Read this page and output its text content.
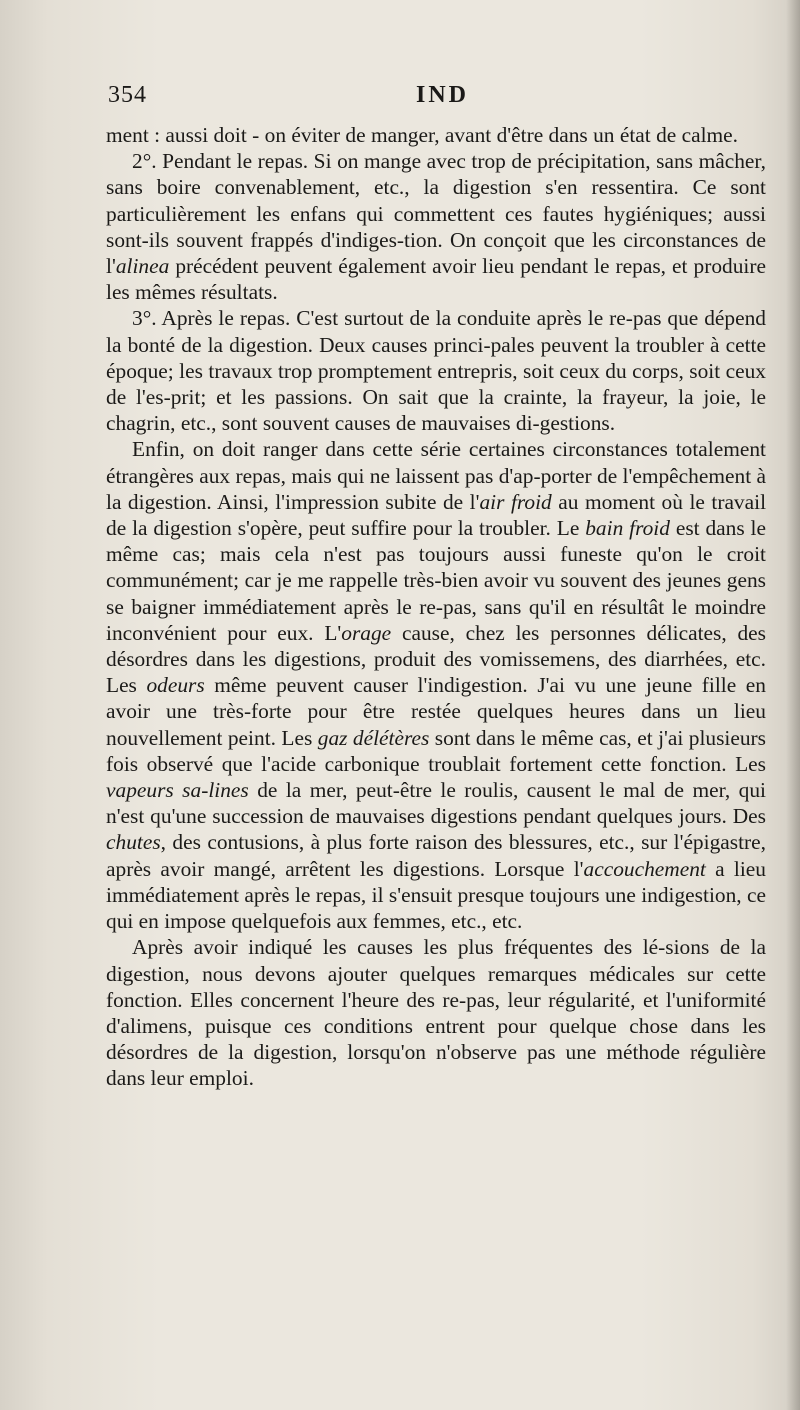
354	IND

ment : aussi doit - on éviter de manger, avant d'être dans un état de calme.

2°. Pendant le repas. Si on mange avec trop de précipitation, sans mâcher, sans boire convenablement, etc., la digestion s'en ressentira. Ce sont particulièrement les enfans qui commettent ces fautes hygiéniques; aussi sont-ils souvent frappés d'indiges-tion. On conçoit que les circonstances de l'alinea précédent peuvent également avoir lieu pendant le repas, et produire les mêmes résultats.

3°. Après le repas. C'est surtout de la conduite après le re-pas que dépend la bonté de la digestion. Deux causes princi-pales peuvent la troubler à cette époque; les travaux trop promptement entrepris, soit ceux du corps, soit ceux de l'es-prit; et les passions. On sait que la crainte, la frayeur, la joie, le chagrin, etc., sont souvent causes de mauvaises di-gestions.

Enfin, on doit ranger dans cette série certaines circonstances totalement étrangères aux repas, mais qui ne laissent pas d'ap-porter de l'empêchement à la digestion. Ainsi, l'impression subite de l'air froid au moment où le travail de la digestion s'opère, peut suffire pour la troubler. Le bain froid est dans le même cas; mais cela n'est pas toujours aussi funeste qu'on le croit communément; car je me rappelle très-bien avoir vu souvent des jeunes gens se baigner immédiatement après le re-pas, sans qu'il en résultât le moindre inconvénient pour eux. L'orage cause, chez les personnes délicates, des désordres dans les digestions, produit des vomissemens, des diarrhées, etc. Les odeurs même peuvent causer l'indigestion. J'ai vu une jeune fille en avoir une très-forte pour être restée quelques heures dans un lieu nouvellement peint. Les gaz délétères sont dans le même cas, et j'ai plusieurs fois observé que l'acide carbonique troublait fortement cette fonction. Les vapeurs sa-lines de la mer, peut-être le roulis, causent le mal de mer, qui n'est qu'une succession de mauvaises digestions pendant quelques jours. Des chutes, des contusions, à plus forte raison des blessures, etc., sur l'épigastre, après avoir mangé, arrêtent les digestions. Lorsque l'accouchement a lieu immédiatement après le repas, il s'ensuit presque toujours une indigestion, ce qui en impose quelquefois aux femmes, etc., etc.

Après avoir indiqué les causes les plus fréquentes des lé-sions de la digestion, nous devons ajouter quelques remarques médicales sur cette fonction. Elles concernent l'heure des re-pas, leur régularité, et l'uniformité d'alimens, puisque ces conditions entrent pour quelque chose dans les désordres de la digestion, lorsqu'on n'observe pas une méthode régulière dans leur emploi.
